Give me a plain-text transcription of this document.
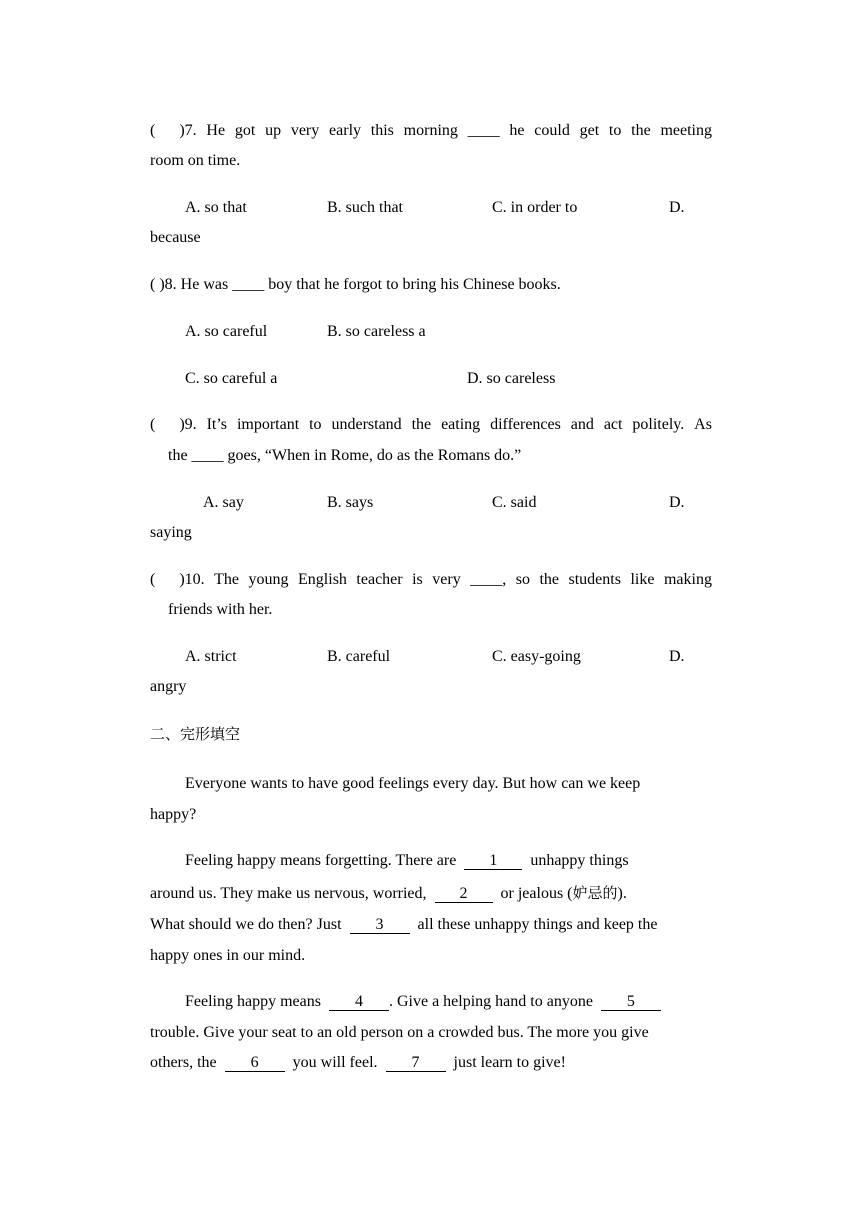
(      )7. He got up very early this morning ____ he could get to the meeting
room on time.
A. so that	B. such that	C. in order to	D.
because
( )8. He was ____ boy that he forgot to bring his Chinese books.
A. so careful	B. so careless a
C. so careful a	D. so careless
(      )9. It’s important to understand the eating differences and act politely. As
the ____ goes, “When in Rome, do as the Romans do.”
A. say	B. says	C. said	D.
saying
(      )10. The young English teacher is very ____, so the students like making
friends with her.
A. strict	B. careful	C. easy-going	D.
angry
二、完形填空
Everyone wants to have good feelings every day. But how can we keep
happy?
Feeling happy means forgetting. There are 1 unhappy things
around us. They make us nervous, worried, 2 or jealous (妒忌的).
What should we do then? Just 3 all these unhappy things and keep the
happy ones in our mind.
Feeling happy means 4 . Give a helping hand to anyone 5
trouble. Give your seat to an old person on a crowded bus. The more you give
others, the 6 you will feel. 7 just learn to give!
